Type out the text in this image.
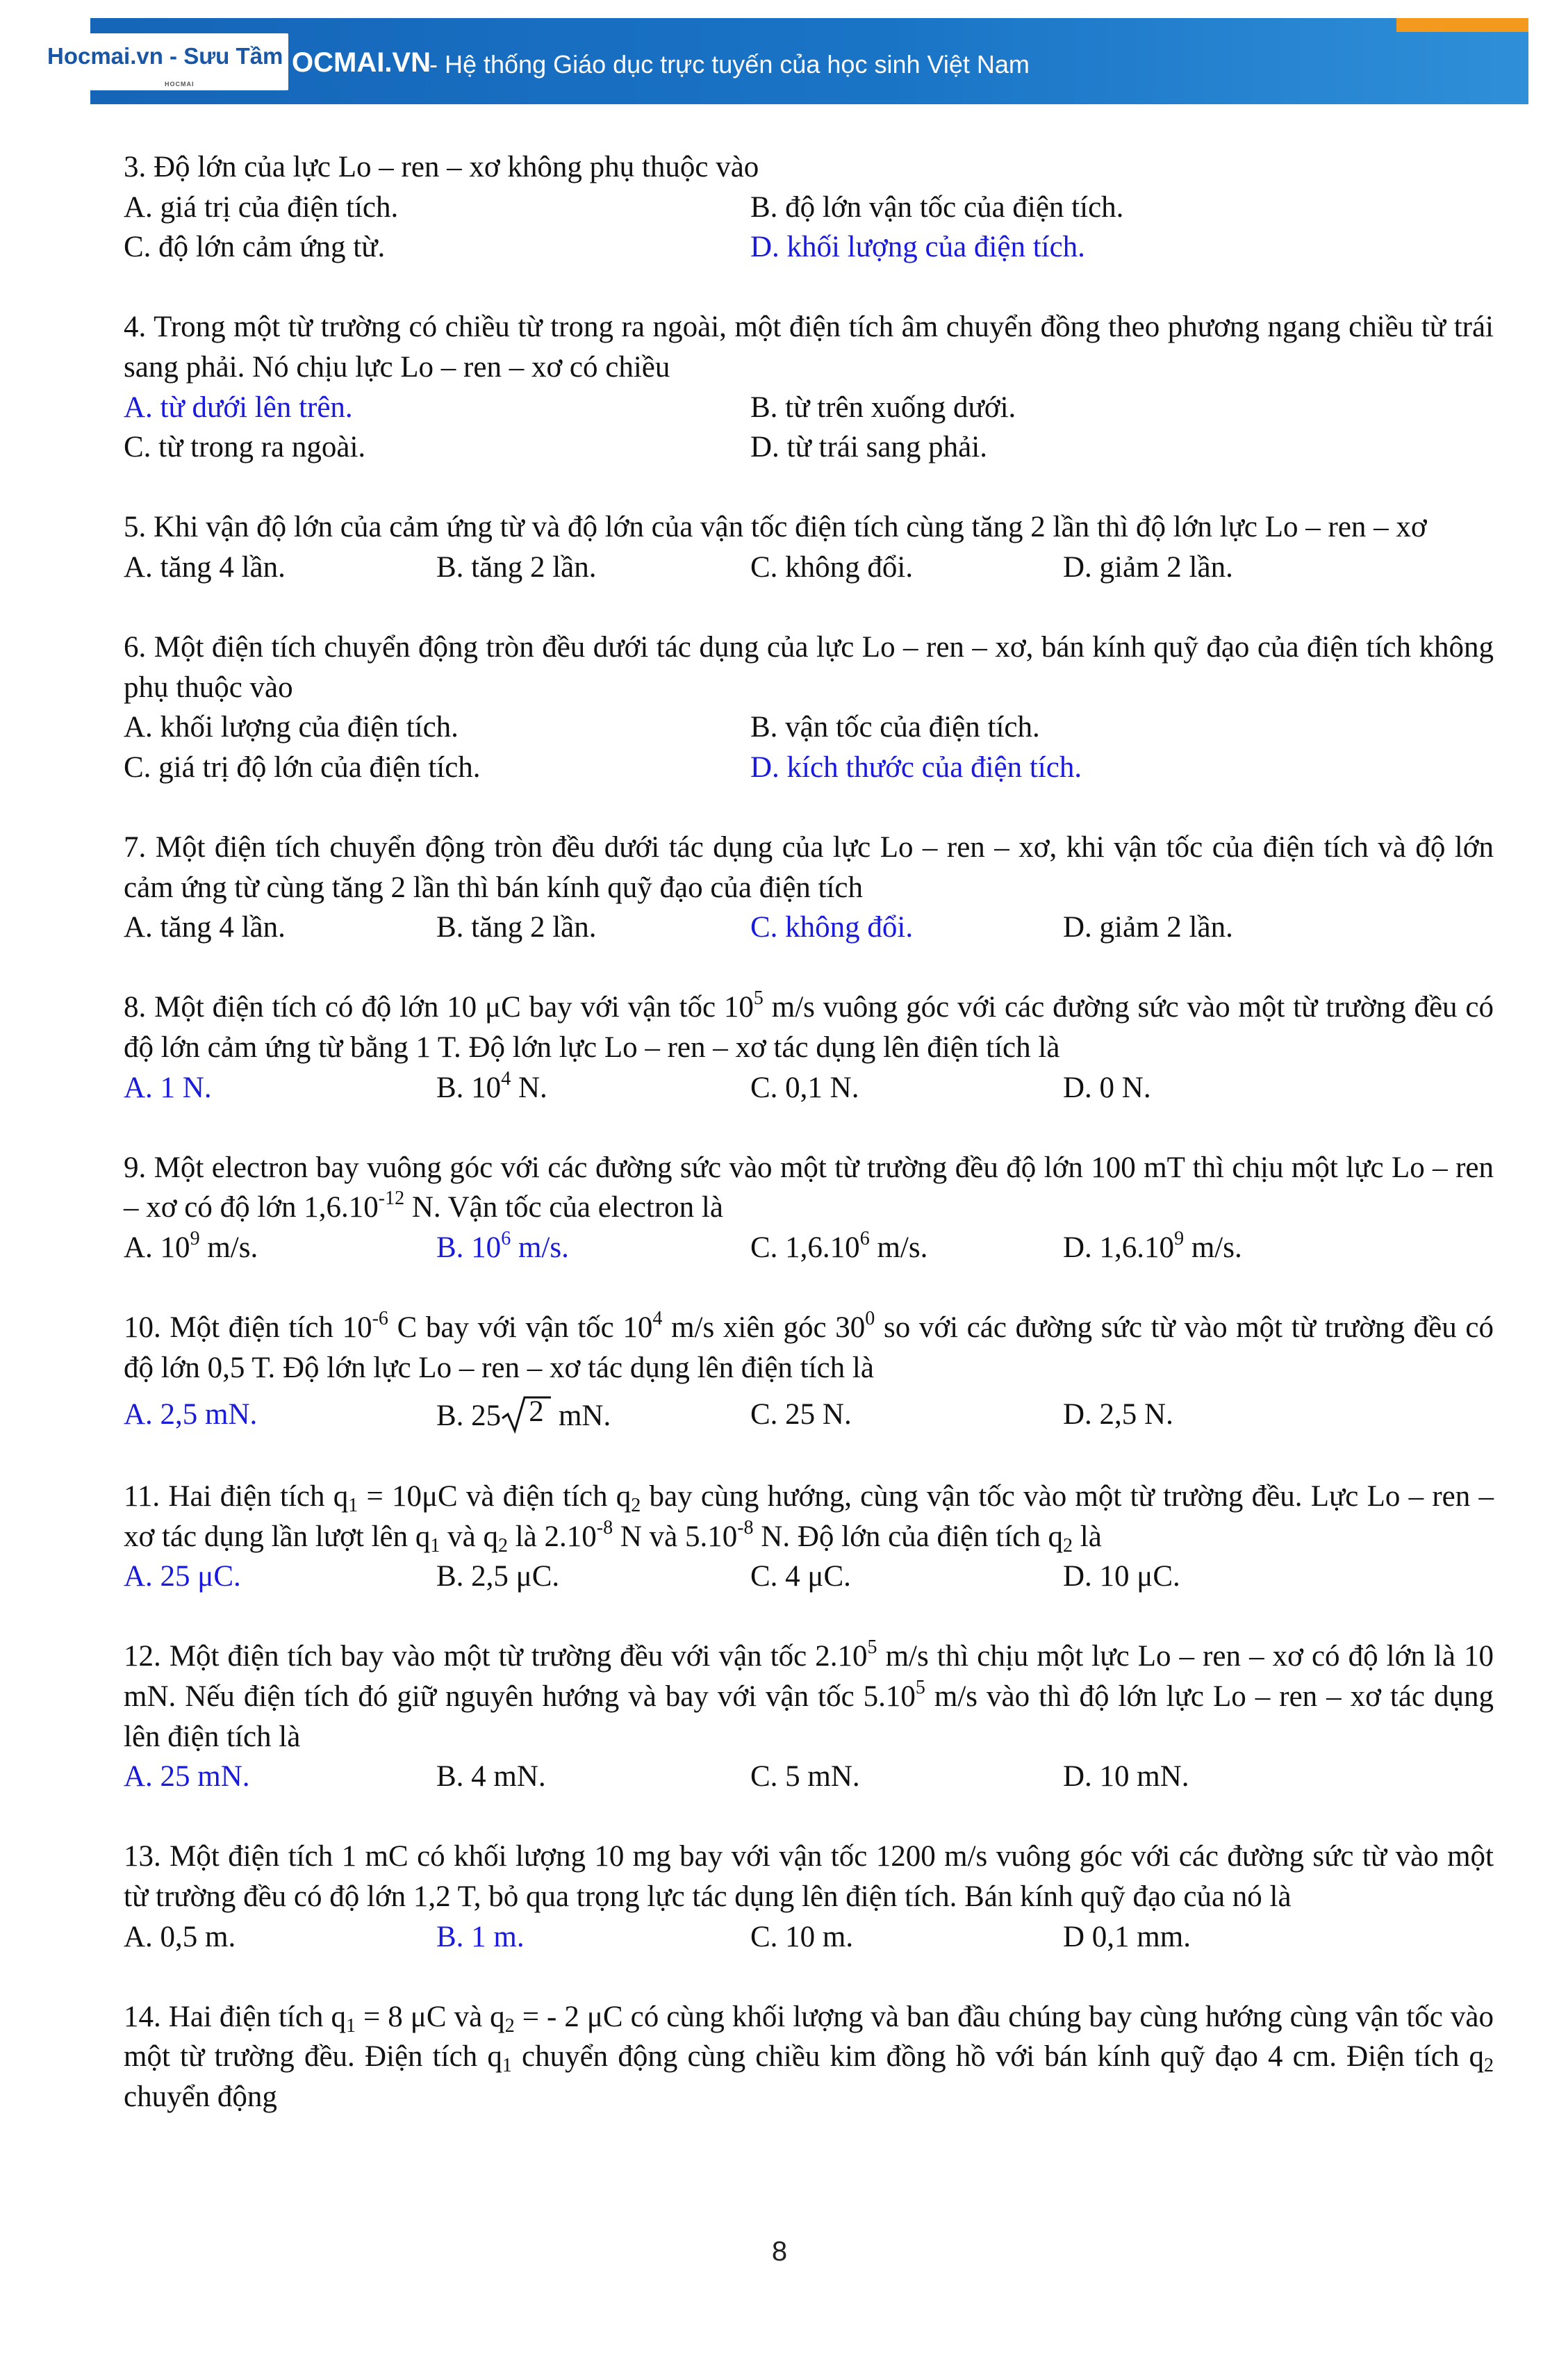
Hocmai.vn - Sưu Tầm
HOCMAI
OCMAI.VN
- Hệ thống Giáo dục trực tuyến của học sinh Việt Nam
3. Độ lớn của lực Lo – ren – xơ không phụ thuộc vào
A. giá trị của điện tích.	B. độ lớn vận tốc của điện tích.
C. độ lớn cảm ứng từ.	D. khối lượng của điện tích.
4. Trong một từ trường có chiều từ trong ra ngoài, một điện tích âm chuyển đồng theo phương ngang chiều từ trái sang phải. Nó chịu lực Lo – ren – xơ có chiều
A. từ dưới lên trên.	B. từ trên xuống dưới.
C. từ trong ra ngoài.	D. từ trái sang phải.
5. Khi vận độ lớn của cảm ứng từ và độ lớn của vận tốc điện tích cùng tăng 2 lần thì độ lớn lực Lo – ren – xơ
A. tăng 4 lần.	B. tăng 2 lần.	C. không đổi.	D. giảm 2 lần.
6. Một điện tích chuyển động tròn đều dưới tác dụng của lực Lo – ren – xơ, bán kính quỹ đạo của điện tích không phụ thuộc vào
A. khối lượng của điện tích.	B. vận tốc của điện tích.
C. giá trị độ lớn của điện tích.	D. kích thước của điện tích.
7. Một điện tích chuyển động tròn đều dưới tác dụng của lực Lo – ren – xơ, khi vận tốc của điện tích và độ lớn cảm ứng từ cùng tăng 2 lần thì bán kính quỹ đạo của điện tích
A. tăng 4 lần.	B. tăng 2 lần.	C. không đổi.	D. giảm 2 lần.
8. Một điện tích có độ lớn 10 μC bay với vận tốc $10^5$ m/s vuông góc với các đường sức vào một từ trường đều có độ lớn cảm ứng từ bằng 1 T. Độ lớn lực Lo – ren – xơ tác dụng lên điện tích là
A. 1 N.	B. $10^4$ N.	C. 0,1 N.	D. 0 N.
9. Một electron bay vuông góc với các đường sức vào một từ trường đều độ lớn 100 mT thì chịu một lực Lo – ren – xơ có độ lớn $1,6.10^{-12}$ N. Vận tốc của electron là
A. $10^9$ m/s.	B. $10^6$ m/s.	C. 1,6.10$^6$ m/s.	D. 1,6.10$^9$ m/s.
10. Một điện tích $10^{-6}$ C bay với vận tốc $10^4$ m/s xiên góc $30^0$ so với các đường sức từ vào một từ trường đều có độ lớn 0,5 T. Độ lớn lực Lo – ren – xơ tác dụng lên điện tích là
A. 2,5 mN.	B. 25 2 mN.	C. 25 N.	D. 2,5 N.
11. Hai điện tích $q_1 = 10\mu C$ và điện tích $q_2$ bay cùng hướng, cùng vận tốc vào một từ trường đều. Lực Lo – ren – xơ tác dụng lần lượt lên $q_1$ và $q_2$ là $2.10^{-8}$ N và $5.10^{-8}$ N. Độ lớn của điện tích $q_2$ là
A. 25 μC.	B. 2,5 μC.	C. 4 μC.	D. 10 μC.
12. Một điện tích bay vào một từ trường đều với vận tốc 2.10$^5$ m/s thì chịu một lực Lo – ren – xơ có độ lớn là 10 mN. Nếu điện tích đó giữ nguyên hướng và bay với vận tốc 5.10$^5$ m/s vào thì độ lớn lực Lo – ren – xơ tác dụng lên điện tích là
A. 25 mN.	B. 4 mN.	C. 5 mN.	D. 10 mN.
13. Một điện tích 1 mC có khối lượng 10 mg bay với vận tốc 1200 m/s vuông góc với các đường sức từ vào một từ trường đều có độ lớn 1,2 T, bỏ qua trọng lực tác dụng lên điện tích. Bán kính quỹ đạo của nó là
A. 0,5 m.	B. 1 m.	C. 10 m.	D 0,1 mm.
14. Hai điện tích $q_1 = 8$ μC và $q_2$ = - 2 μC có cùng khối lượng và ban đầu chúng bay cùng hướng cùng vận tốc vào một từ trường đều. Điện tích $q_1$ chuyển động cùng chiều kim đồng hồ với bán kính quỹ đạo 4 cm. Điện tích $q_2$ chuyển động
8
